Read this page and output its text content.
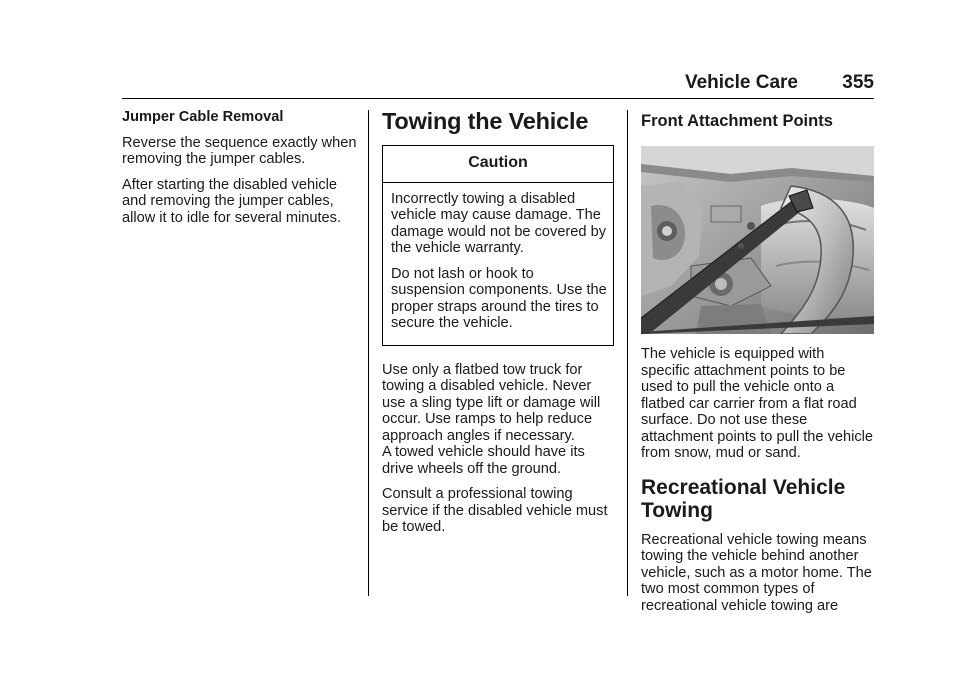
Vehicle Care 355
Jumper Cable Removal

Reverse the sequence exactly when
removing the jumper cables.

After starting the disabled vehicle
and removing the jumper cables,
allow it to idle for several minutes.

Towing the Vehicle
Caution

Incorrectly towing a disabled
vehicle may cause damage. The
damage would not be covered by
the vehicle warranty.

Do not lash or hook to
suspension components. Use the
proper straps around the tires to
secure the vehicle.

Use only a flatbed tow truck for
towing a disabled vehicle. Never
use a sling type lift or damage will
occur. Use ramps to help reduce
approach angles if necessary.
A towed vehicle should have its
drive wheels off the ground.

Consult a professional towing
service if the disabled vehicle must
be towed.

Front Attachment Points

The vehicle is equipped with
specific attachment points to be
used to pull the vehicle onto a
flatbed car carrier from a flat road
surface. Do not use these
attachment points to pull the vehicle
from snow, mud or sand.

Recreational Vehicle
Towing

Recreational vehicle towing means
towing the vehicle behind another
vehicle, such as a motor home. The
two most common types of
recreational vehicle towing are
